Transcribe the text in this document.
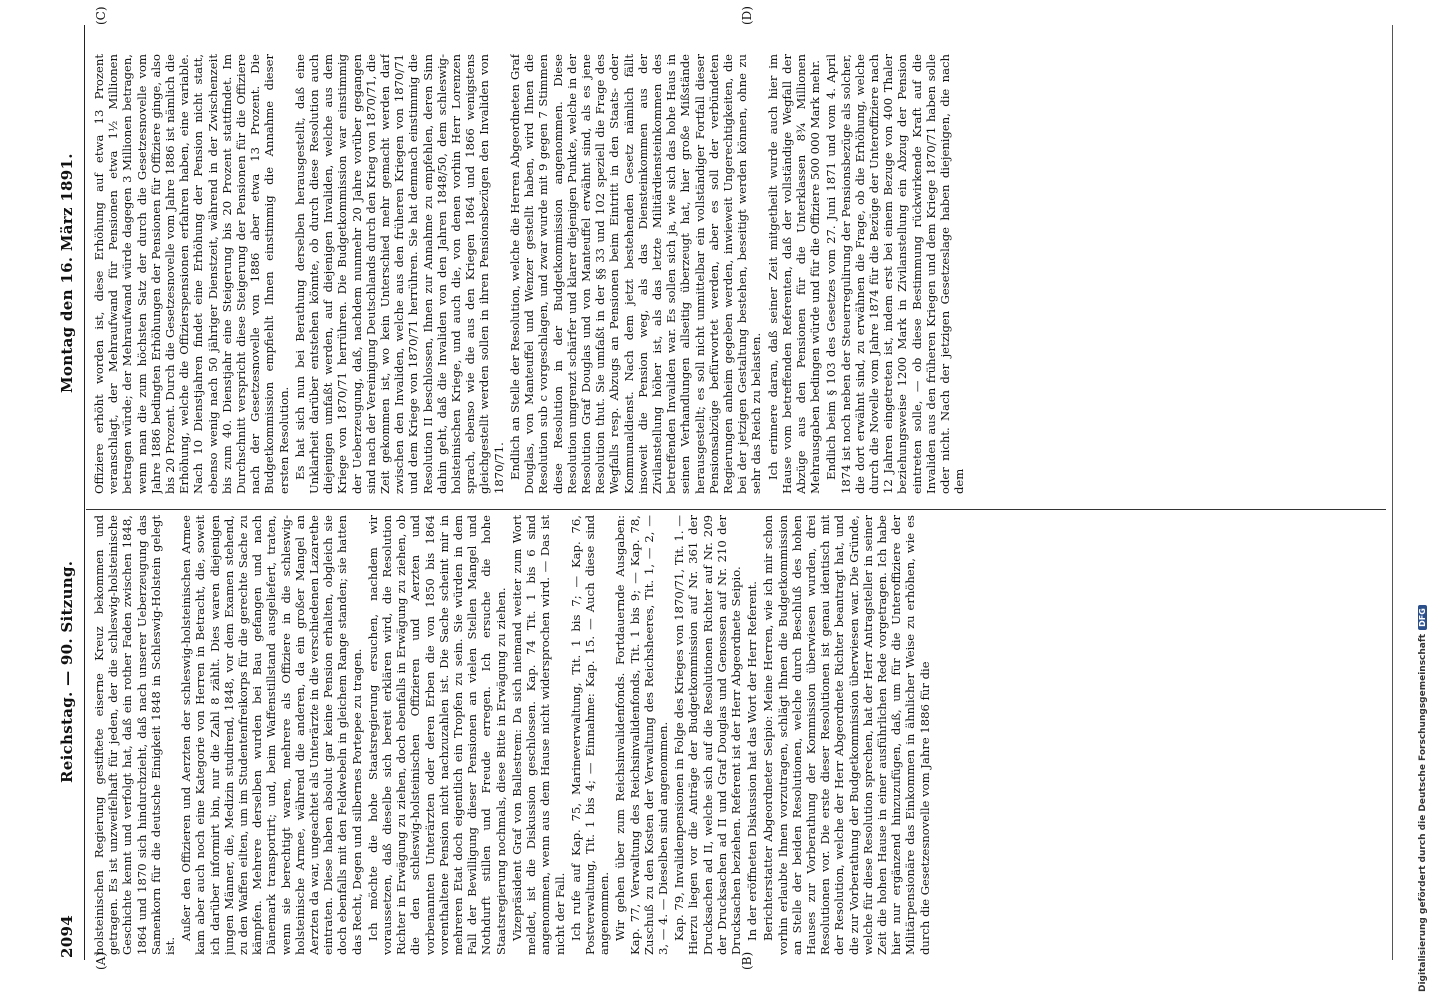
2094
Reichstag. — 90. Sitzung.
Montag den 16. März 1891.
(A)	(B)
(C)	(D)

holsteinischen Regierung gestiftete eiserne Kreuz bekommen und getragen. Es ist unzweifelhaft für jeden, der die schleswig-holsteinische Geschichte kennt und verfolgt hat, daß ein rother Faden zwischen 1848, 1864 und 1870 sich hindurchzieht, daß nach unserer Ueberzeugung das Samenkorn für die deutsche Einigkeit 1848 in Schleswig-Holstein gelegt ist.

Außer den Offizieren und Aerzten der schleswig-holsteinischen Armee kam aber auch noch eine Kategorie von Herren in Betracht, die, soweit ich darüber informirt bin, nur die Zahl 8 zählt. Dies waren diejenigen jungen Männer, die, Medizin studirend, 1848, vor dem Examen stehend, zu den Waffen eilten, um im Studentenfreikorps für die gerechte Sache zu kämpfen. Mehrere derselben wurden bei Bau gefangen und nach Dänemark transportirt; und, beim Waffenstillstand ausgeliefert, traten, wenn sie berechtigt waren, mehrere als Offiziere in die schleswig-holsteinische Armee, während die anderen, da ein großer Mangel an Aerzten da war, ungeachtet als Unterärzte in die verschiedenen Lazarethe eintraten. Diese haben absolut gar keine Pension erhalten, obgleich sie doch ebenfalls mit den Feldwebeln in gleichem Range standen; sie hatten das Recht, Degen und silbernes Portepee zu tragen. Ich möchte die hohe Staatsregierung ersuchen, nachdem wir voraussetzen, daß dieselbe sich bereit erklären wird, die Resolution Richter in Erwägung zu ziehen, doch ebenfalls in Erwägung zu ziehen, ob die den schleswig-holsteinischen Offizieren und Aerzten und vorbenannten Unterärzten oder deren Erben die von 1850 bis 1864 vorenthaltene Pension nicht nachzuzahlen ist. Die Sache scheint mir in mehreren Etat doch eigentlich ein Tropfen zu sein. Sie würden in dem Fall der Bewilligung dieser Pensionen an vielen Stellen Mangel und Nothdurft stillen und Freude erregen. Ich ersuche die hohe Staatsregierung nochmals, diese Bitte in Erwägung zu ziehen. Vizepräsident Graf von Ballestrem: Da sich niemand weiter zum Wort meldet, ist die Diskussion geschlossen. Kap. 74 Tit. 1 bis 6 sind angenommen, wenn aus dem Hause nicht widersprochen wird. — Das ist nicht der Fall. Ich rufe auf Kap. 75, Marineverwaltung, Tit. 1 bis 7; — Kap. 76, Postverwaltung, Tit. 1 bis 4; — Einnahme: Kap. 15. — Auch diese sind angenommen. Wir gehen über zum Reichsinvalidenfonds. Fortdauernde Ausgaben: Kap. 77, Verwaltung des Reichsinvalidenfonds, Tit. 1 bis 9; — Kap. 78, Zuschuß zu den Kosten der Verwaltung des Reichsheeres, Tit. 1, — 2, — 3, — 4. — Dieselben sind angenommen. Kap. 79, Invalidenpensionen in Folge des Krieges von 1870/71, Tit. 1. — Hierzu liegen vor die Anträge der Budgetkommission auf Nr. 361 der Drucksachen ad II, welche sich auf die Resolutionen Richter auf Nr. 209 der Drucksachen ad II und Graf Douglas und Genossen auf Nr. 210 der Drucksachen beziehen. Referent ist der Herr Abgeordnete Seipio. In der eröffneten Diskussion hat das Wort der Herr Referent. Berichterstatter Abgeordneter Seipio: Meine Herren, wie ich mir schon vorhin erlaubte Ihnen vorzutragen, schlägt Ihnen die Budgetkommission an Stelle der beiden Resolutionen, welche durch Beschluß des hohen Hauses zur Vorberathung der Kommission überwiesen wurden, drei Resolutionen vor. Die erste dieser Resolutionen ist genau identisch mit der Resolution, welche der Herr Abgeordnete Richter beantragt hat, und die zur Vorberathung der Budgetkommission überwiesen war. Die Gründe, welche für diese Resolution sprechen, hat der Herr Antragsteller in seiner Zeit die hohen Hause in einer ausführlichen Rede vorgetragen. Ich habe hier nur ergänzend hinzuzufügen, daß, um für die Unteroffiziere der Militärpensionäre das Einkommen in ähnlicher Weise zu erhöhen, wie es durch die Gesetzesnovelle vom Jahre 1886 für die

Offiziere erhöht worden ist, diese Erhöhung auf etwa 13 Prozent veranschlagt, der Mehraufwand für Pensionen etwa 1½ Millionen betragen würde; der Mehraufwand würde dagegen 3 Millionen betragen, wenn man die zum höchsten Satz der durch die Gesetzesnovelle vom Jahre 1886 bedingten Erhöhungen der Pensionen für Offiziere ginge, also bis 20 Prozent. Durch die Gesetzesnovelle vom Jahre 1886 ist nämlich die Erhöhung, welche die Offizierspensionen erfahren haben, eine variable. Nach 10 Dienstjahren findet eine Erhöhung der Pension nicht statt, ebenso wenig nach 50 jähriger Dienstzeit, während in der Zwischenzeit bis zum 40. Dienstjahr eine Steigerung bis 20 Prozent stattfindet. Im Durchschnitt verspricht diese Steigerung der Pensionen für die Offiziere nach der Gesetzesnovelle von 1886 aber etwa 13 Prozent. Die Budgetkommission empfiehlt Ihnen einstimmig die Annahme dieser ersten Resolution. Es hat sich nun bei Berathung derselben herausgestellt, daß eine Unklarheit darüber entstehen könnte, ob durch diese Resolution auch diejenigen umfaßt werden, auf diejenigen Invaliden, welche aus dem Kriege von 1870/71 herrühren. Die Budgetkommission war einstimmig der Ueberzeugung, daß, nachdem nunmehr 20 Jahre vorüber gegangen sind nach der Vereinigung Deutschlands durch den Krieg von 1870/71, die Zeit gekommen ist, wo kein Unterschied mehr gemacht werden darf zwischen den Invaliden, welche aus den früheren Kriegen von 1870/71 und dem Kriege von 1870/71 herrühren. Sie hat demnach einstimmig die Resolution II beschlossen, Ihnen zur Annahme zu empfehlen, deren Sinn dahin geht, daß die Invaliden von den Jahren 1848/50, dem schleswig-holsteinischen Kriege, und auch die, von denen vorhin Herr Lorenzen sprach, ebenso wie die aus den Kriegen 1864 und 1866 wenigstens gleichgestellt werden sollen in ihren Pensionsbezügen den Invaliden von 1870/71. Endlich an Stelle der Resolution, welche die Herren Abgeordneten Graf Douglas, von Manteuffel und Wenzer gestellt haben, wird Ihnen die Resolution sub c vorgeschlagen, und zwar wurde mit 9 gegen 7 Stimmen diese Resolution in der Budgetkommission angenommen. Diese Resolution umgrenzt schärfer und klarer diejenigen Punkte, welche in der Resolution Graf Douglas und von Manteuffel erwähnt sind, als es jene Resolution thut. Sie umfaßt in der §§ 33 und 102 speziell die Frage des Wegfalls resp. Abzugs an Pensionen beim Eintritt in den Staats- oder Kommunaldienst. Nach dem jetzt bestehenden Gesetz nämlich fällt insoweit die Pension weg, als das Diensteinkommen aus der Zivilanstellung höher ist, als das letzte Militärdiensteinkommen des betreffenden Invaliden war. Es sollen sich ja, wie sich das hohe Haus in seinen Verhandlungen allseitig überzeugt hat, hier große Mißstände herausgestellt; es soll nicht unmittelbar ein vollständiger Fortfall dieser Pensionsabzüge befürwortet werden, aber es soll der verbündeten Regierungen anheim gegeben werden, inwieweit Ungerechtigkeiten, die bei der jetzigen Gestaltung bestehen, beseitigt werden können, ohne zu sehr das Reich zu belasten. Ich erinnere daran, daß seiner Zeit mitgetheilt wurde auch hier im Hause vom betreffenden Referenten, daß der vollständige Wegfall der Abzüge aus den Pensionen für die Unterklassen 8¾ Millionen Mehrausgaben bedingen würde und für die Offiziere 500 000 Mark mehr. Endlich beim § 103 des Gesetzes vom 27. Juni 1871 und vom 4. April 1874 ist noch neben der Steuerregulirung der Pensionsbezüge als solcher, die dort erwähnt sind, zu erwähnen die Frage, ob die Erhöhung, welche durch die Novelle vom Jahre 1874 für die Bezüge der Unteroffiziere nach 12 Jahren eingetreten ist, indem erst bei einem Bezuge von 400 Thaler beziehungsweise 1200 Mark in Zivilanstellung ein Abzug der Pension eintreten solle, — ob diese Bestimmung rückwirkende Kraft auf die Invaliden aus den früheren Kriegen und dem Kriege 1870/71 haben solle oder nicht. Nach der jetzigen Gesetzeslage haben diejenigen, die nach dem

Digitalisierung gefördert durch die Deutsche ForschungsgemeinschaftDFG
